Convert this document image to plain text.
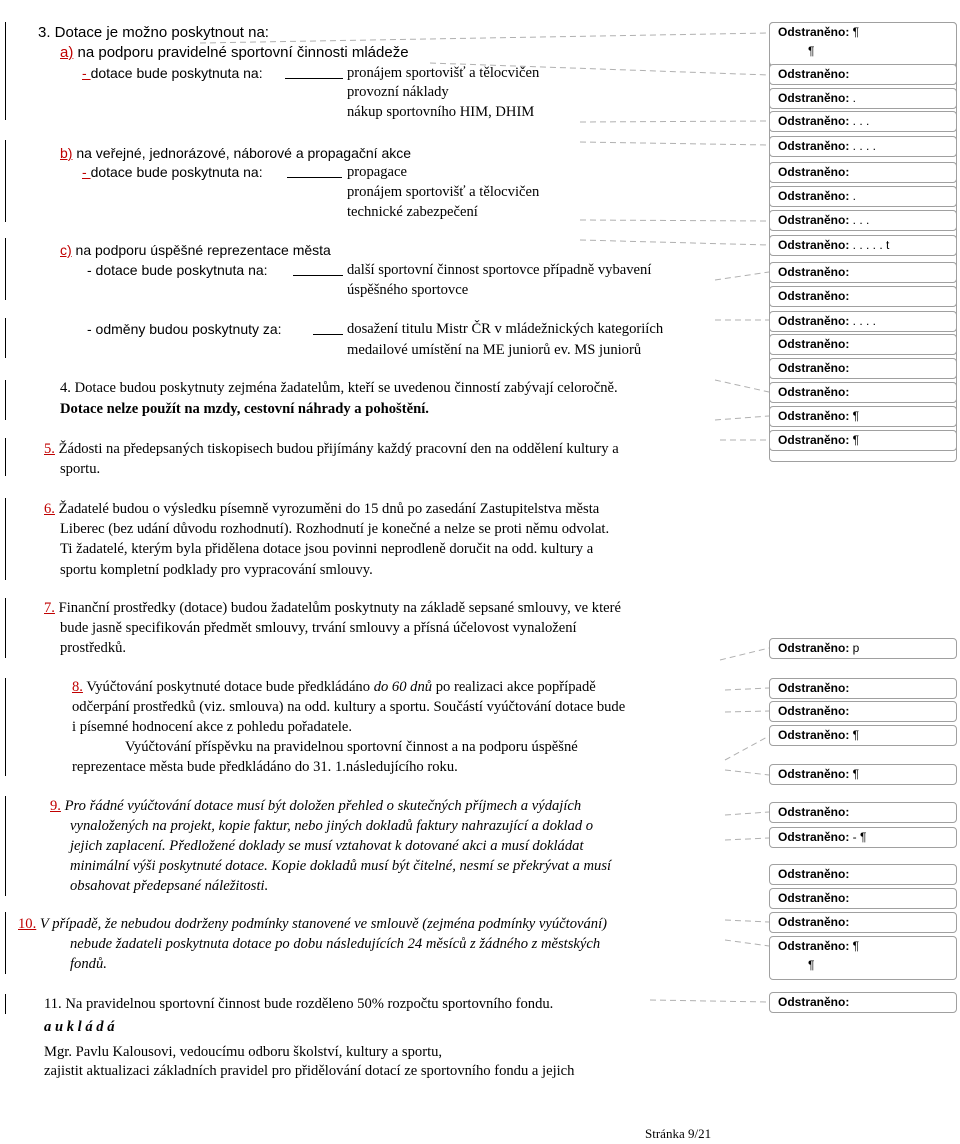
3. Dotace je možno poskytnout na:
a) na podporu pravidelné sportovní činnosti mládeže
- dotace bude poskytnuta na:	pronájem sportovišť a tělocvičen
provozní náklady
nákup sportovního HIM, DHIM
b) na veřejné, jednorázové, náborové a propagační akce
- dotace bude poskytnuta na:	propagace
pronájem sportovišť a tělocvičen
technické zabezpečení
c) na podporu úspěšné reprezentace města
- dotace bude poskytnuta na:	další sportovní činnost sportovce případně vybavení
úspěšného sportovce
- odměny budou poskytnuty za:	dosažení titulu Mistr ČR v mládežnických kategoriích
medailové umístění na ME juniorů ev. MS juniorů
4. Dotace budou poskytnuty zejména žadatelům, kteří se uvedenou činností zabývají celoročně.
Dotace nelze použít na mzdy, cestovní náhrady a pohoštění.
5. Žádosti na předepsaných tiskopisech budou přijímány každý pracovní den na oddělení kultury a
sportu.
6. Žadatelé budou o výsledku písemně vyrozuměni do 15 dnů po zasedání Zastupitelstva města
Liberec (bez udání důvodu rozhodnutí). Rozhodnutí je konečné a nelze se proti němu odvolat.
Ti žadatelé, kterým byla přidělena dotace jsou povinni neprodleně doručit na odd. kultury a
sportu kompletní podklady pro vypracování smlouvy.
7. Finanční prostředky (dotace) budou žadatelům poskytnuty na základě sepsané smlouvy, ve které
bude jasně specifikován předmět smlouvy, trvání smlouvy a přísná účelovost vynaložení
prostředků.
8. Vyúčtování poskytnuté dotace bude předkládáno do 60 dnů po realizaci akce popřípadě
odčerpání prostředků (viz. smlouva) na odd. kultury a sportu. Součástí vyúčtování dotace bude
i písemné hodnocení akce z pohledu pořadatele.
Vyúčtování příspěvku na pravidelnou sportovní činnost a na podporu úspěšné
reprezentace města bude předkládáno do 31. 1.následujícího roku.
9. Pro řádné vyúčtování dotace musí být doložen přehled o skutečných příjmech a výdajích
vynaložených na projekt, kopie faktur, nebo jiných dokladů faktury nahrazující a doklad o
jejich zaplacení. Předložené doklady se musí vztahovat k dotované akci a musí dokládat
minimální výši poskytnuté dotace. Kopie dokladů musí být čitelné, nesmí se překrývat a musí
obsahovat předepsané náležitosti.
10. V případě, že nebudou dodrženy podmínky stanovené ve smlouvě (zejména podmínky vyúčtování)
nebude žadateli poskytnuta dotace po dobu následujících 24 měsíců z žádného z městských
fondů.
11. Na pravidelnou sportovní činnost bude rozděleno 50% rozpočtu sportovního fondu.
a u k l á d á
Mgr. Pavlu Kalousovi, vedoucímu odboru školství, kultury a sportu,
zajistit aktualizaci základních pravidel pro přidělování dotací ze sportovního fondu a jejich
Odstraněno: ¶
¶
Odstraněno:
Odstraněno: .
Odstraněno: . . .
Odstraněno: . . . .
Odstraněno:
Odstraněno: .
Odstraněno: . . .
Odstraněno: . . . . . t
Odstraněno:
Odstraněno:
Odstraněno: . . . .
Odstraněno:
Odstraněno:
Odstraněno:
Odstraněno: ¶
Odstraněno: ¶
Odstraněno: p
Odstraněno:
Odstraněno:
Odstraněno: ¶
Odstraněno: ¶
Odstraněno:
Odstraněno: - ¶
Odstraněno:
Odstraněno:
Odstraněno:
Odstraněno: ¶
¶
Odstraněno:
Stránka 9/21
